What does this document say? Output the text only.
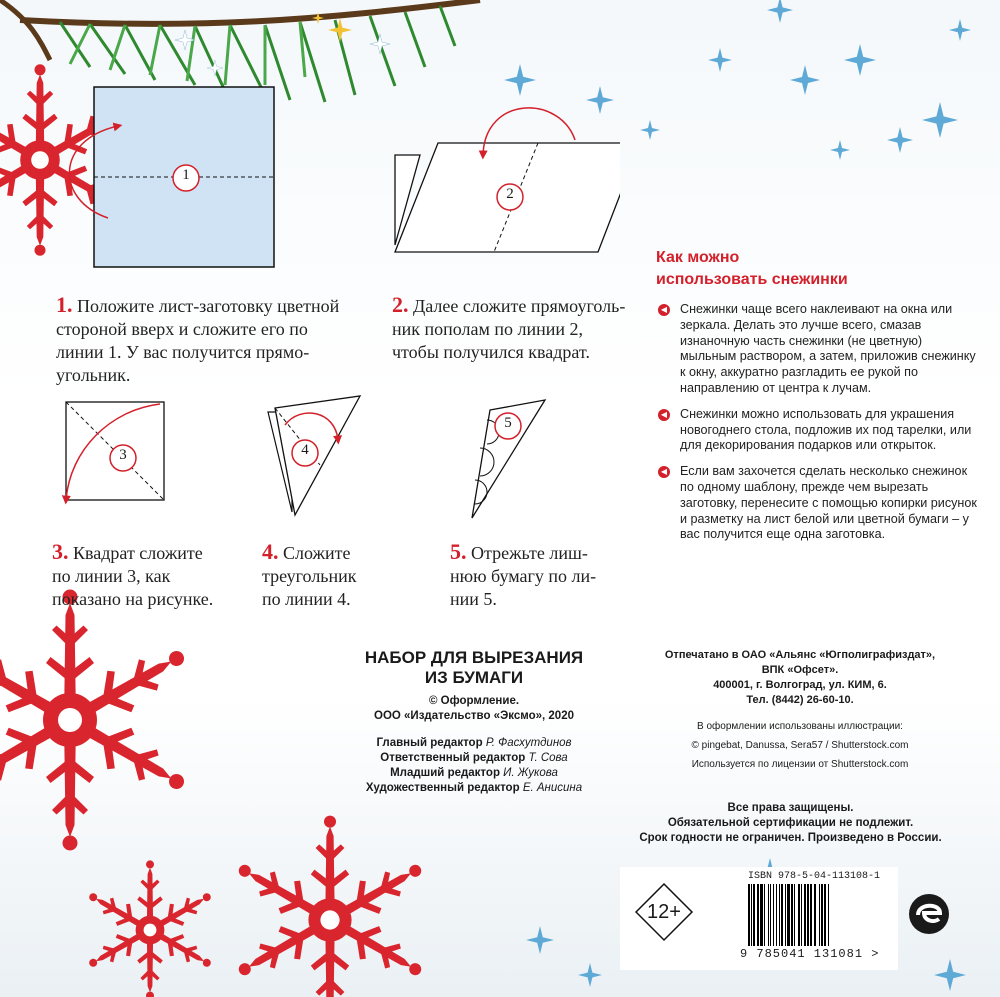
1
2
3	4
5
1. Положите лист-заготовку цветной
стороной вверх и сложите его по
линии 1. У вас получится прямо-
угольник.
2. Далее сложите прямоуголь-
ник пополам по линии 2,
чтобы получился квадрат.
3. Квадрат сложите
по линии 3, как
показано на рисунке.
4. Сложите
треугольник
по линии 4.
5. Отрежьте лиш-
нюю бумагу по ли-
нии 5.
Как можно
использовать снежинки
◀ Снежинки чаще всего наклеивают на окна или зеркала. Делать это лучше всего, смазав изнаночную часть снежинки (не цветную) мыльным раствором, а затем, приложив снежинку к окну, аккуратно разгладить ее рукой по направлению от центра к лучам.
◀ Снежинки можно использовать для украшения новогоднего стола, подложив их под тарелки, или для декорирования подарков или открыток.
◀ Если вам захочется сделать несколько снежинок по одному шаблону, прежде чем вырезать заготовку, перенесите с помощью копирки рисунок и разметку на лист белой или цветной бумаги – у вас получится еще одна заготовка.
НАБОР ДЛЯ ВЫРЕЗАНИЯ
ИЗ БУМАГИ
© Оформление.
ООО «Издательство «Эксмо», 2020
Главный редактор Р. Фасхутдинов
Ответственный редактор Т. Сова
Младший редактор И. Жукова
Художественный редактор Е. Анисина
Отпечатано в ОАО «Альянс «Югполиграфиздат»,
ВПК «Офсет».
400001, г. Волгоград, ул. КИМ, 6.
Тел. (8442) 26-60-10.
В оформлении использованы иллюстрации:
© pingebat, Danussa, Sera57 / Shutterstock.com
Используется по лицензии от Shutterstock.com
Все права защищены.
Обязательной сертификации не подлежит.
Срок годности не ограничен. Произведено в России.
12+
ISBN 978-5-04-113108-1
9 785041 131081 >
